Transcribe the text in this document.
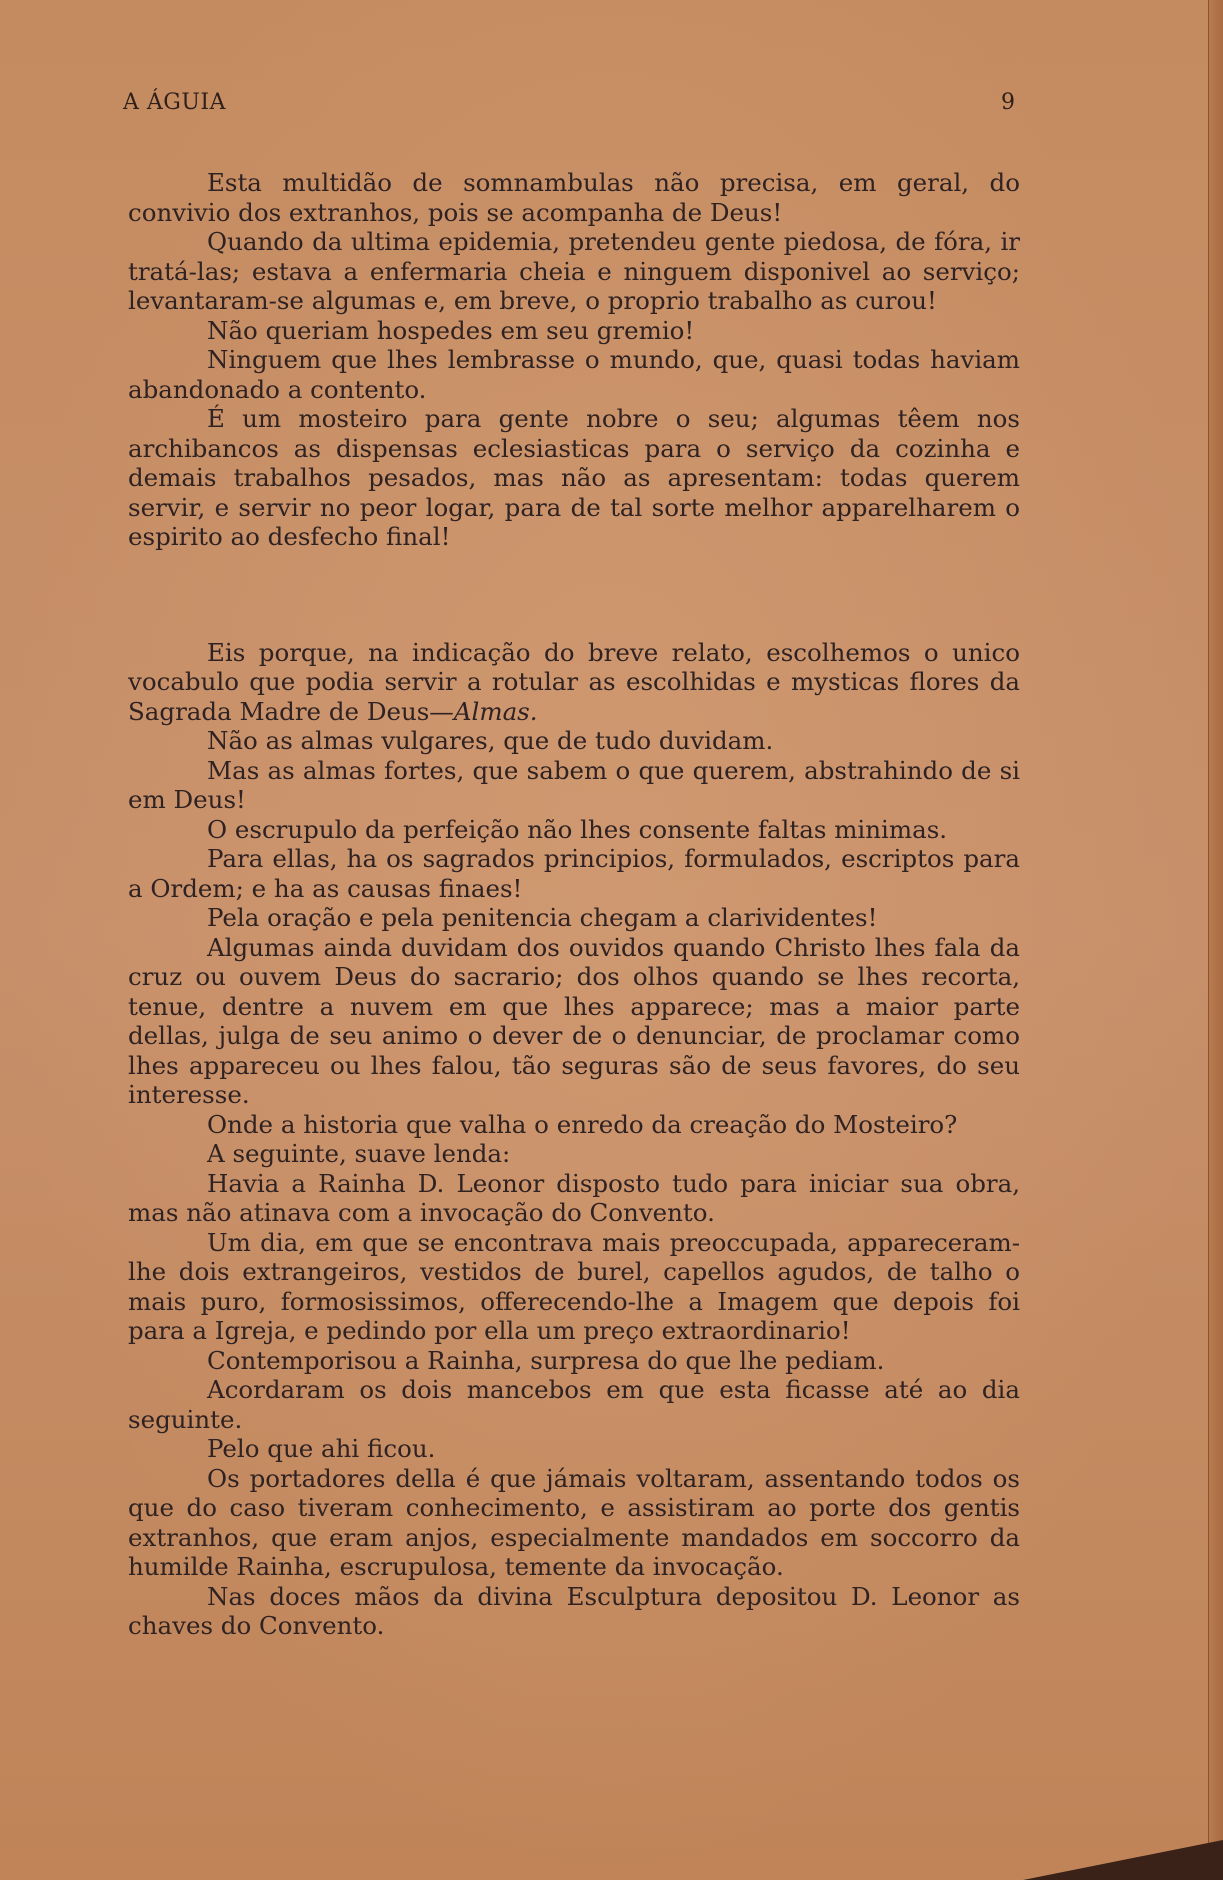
A ÁGUIA	9

Esta multidão de somnambulas não precisa, em geral, do convivio dos extranhos, pois se acompanha de Deus!

Quando da ultima epidemia, pretendeu gente piedosa, de fóra, ir tratá-las; estava a enfermaria cheia e ninguem disponivel ao serviço; levantaram-se algumas e, em breve, o proprio trabalho as curou!

Não queriam hospedes em seu gremio!

Ninguem que lhes lembrasse o mundo, que, quasi todas haviam abandonado a contento.

É um mosteiro para gente nobre o seu; algumas têem nos archibancos as dispensas eclesiasticas para o serviço da cozinha e demais trabalhos pesados, mas não as apresentam: todas querem servir, e servir no peor logar, para de tal sorte melhor apparelharem o espirito ao desfecho final!

Eis porque, na indicação do breve relato, escolhemos o unico vocabulo que podia servir a rotular as escolhidas e mysticas flores da Sagrada Madre de Deus—Almas.

Não as almas vulgares, que de tudo duvidam.

Mas as almas fortes, que sabem o que querem, abstrahindo de si em Deus!

O escrupulo da perfeição não lhes consente faltas minimas.

Para ellas, ha os sagrados principios, formulados, escriptos para a Ordem; e ha as causas finaes!

Pela oração e pela penitencia chegam a clarividentes!

Algumas ainda duvidam dos ouvidos quando Christo lhes fala da cruz ou ouvem Deus do sacrario; dos olhos quando se lhes recorta, tenue, dentre a nuvem em que lhes apparece; mas a maior parte dellas, julga de seu animo o dever de o denunciar, de proclamar como lhes appareceu ou lhes falou, tão seguras são de seus favores, do seu interesse.

Onde a historia que valha o enredo da creação do Mosteiro?

A seguinte, suave lenda:

Havia a Rainha D. Leonor disposto tudo para iniciar sua obra, mas não atinava com a invocação do Convento.

Um dia, em que se encontrava mais preoccupada, appareceram-lhe dois extrangeiros, vestidos de burel, capellos agudos, de talho o mais puro, formosissimos, offerecendo-lhe a Imagem que depois foi para a Igreja, e pedindo por ella um preço extraordinario!

Contemporisou a Rainha, surpresa do que lhe pediam.

Acordaram os dois mancebos em que esta ficasse até ao dia seguinte.

Pelo que ahi ficou.

Os portadores della é que jámais voltaram, assentando todos os que do caso tiveram conhecimento, e assistiram ao porte dos gentis extranhos, que eram anjos, especialmente mandados em soccorro da humilde Rainha, escrupulosa, temente da invocação.

Nas doces mãos da divina Esculptura depositou D. Leonor as chaves do Convento.
